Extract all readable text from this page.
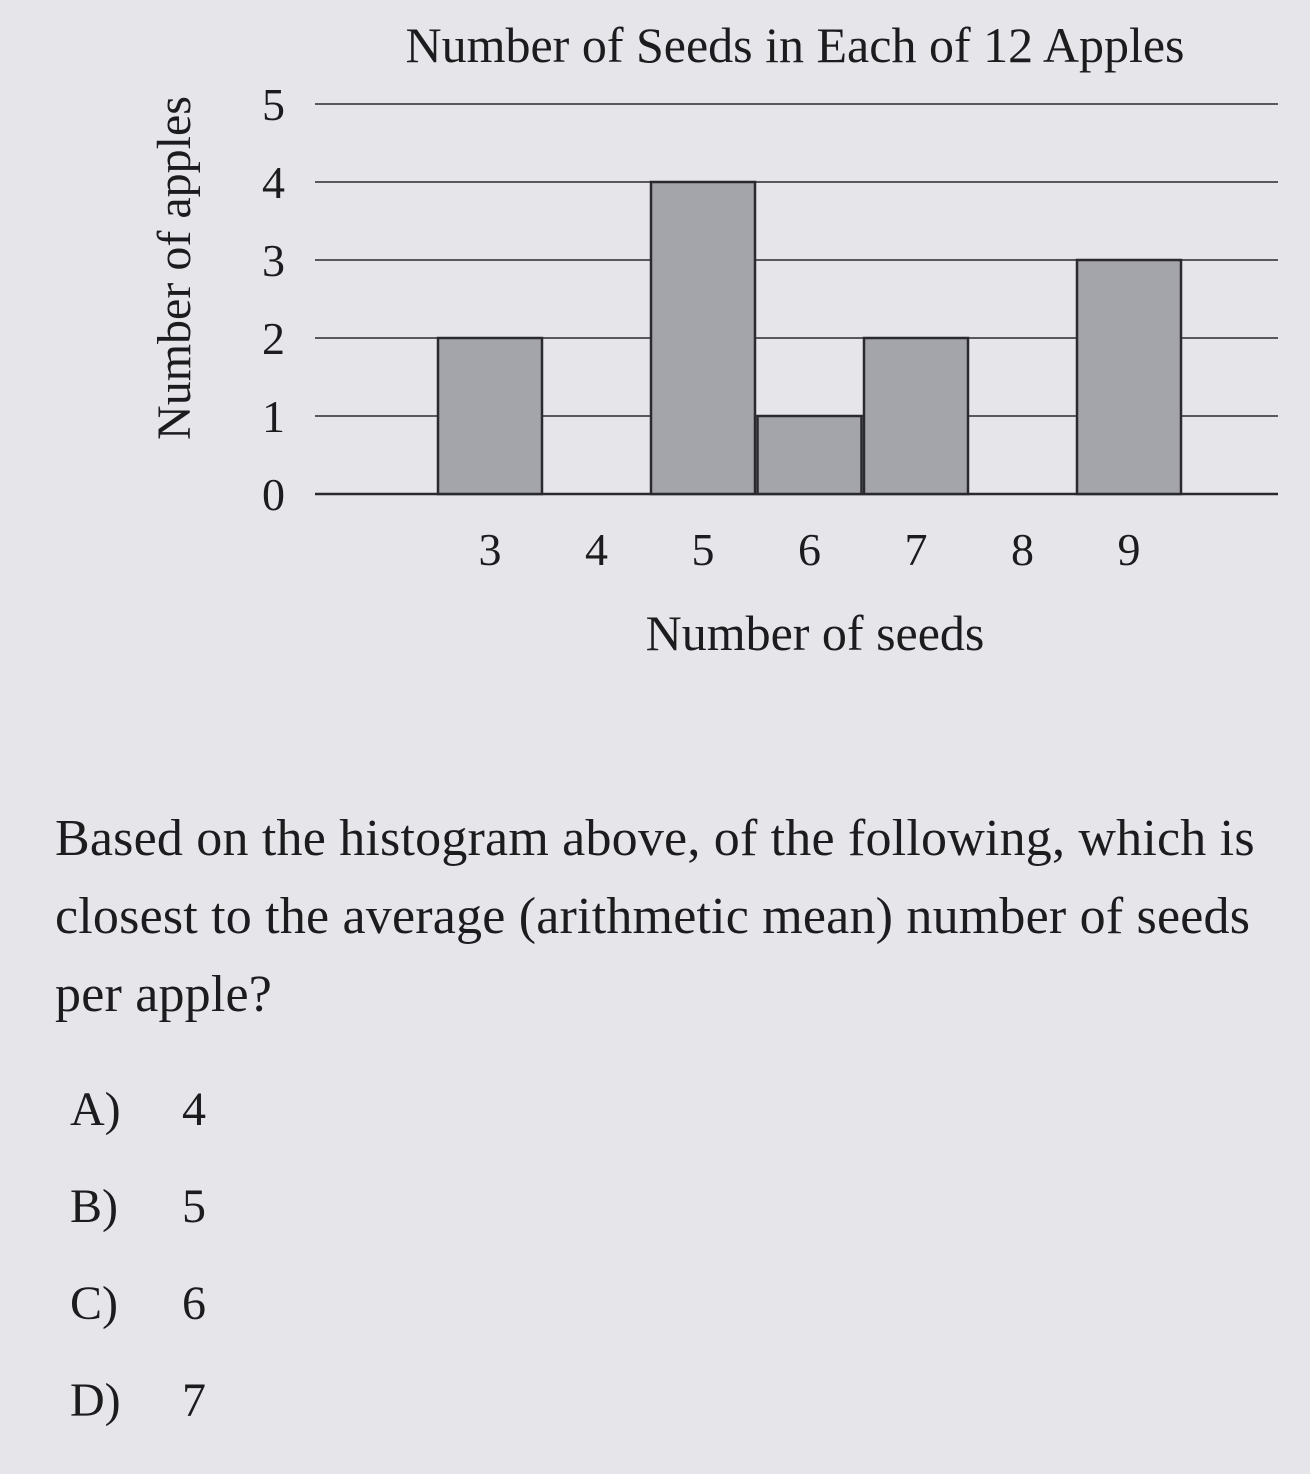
0
1
2
3
4
5
3 4 5 6 7 8 9
Number of Seeds in Each of 12 Apples
Number of seeds
Number of apples

Based on the histogram above, of the following, which is closest to the average (arithmetic mean) number of seeds per apple?

A) 4
B) 5
C) 6
D) 7
